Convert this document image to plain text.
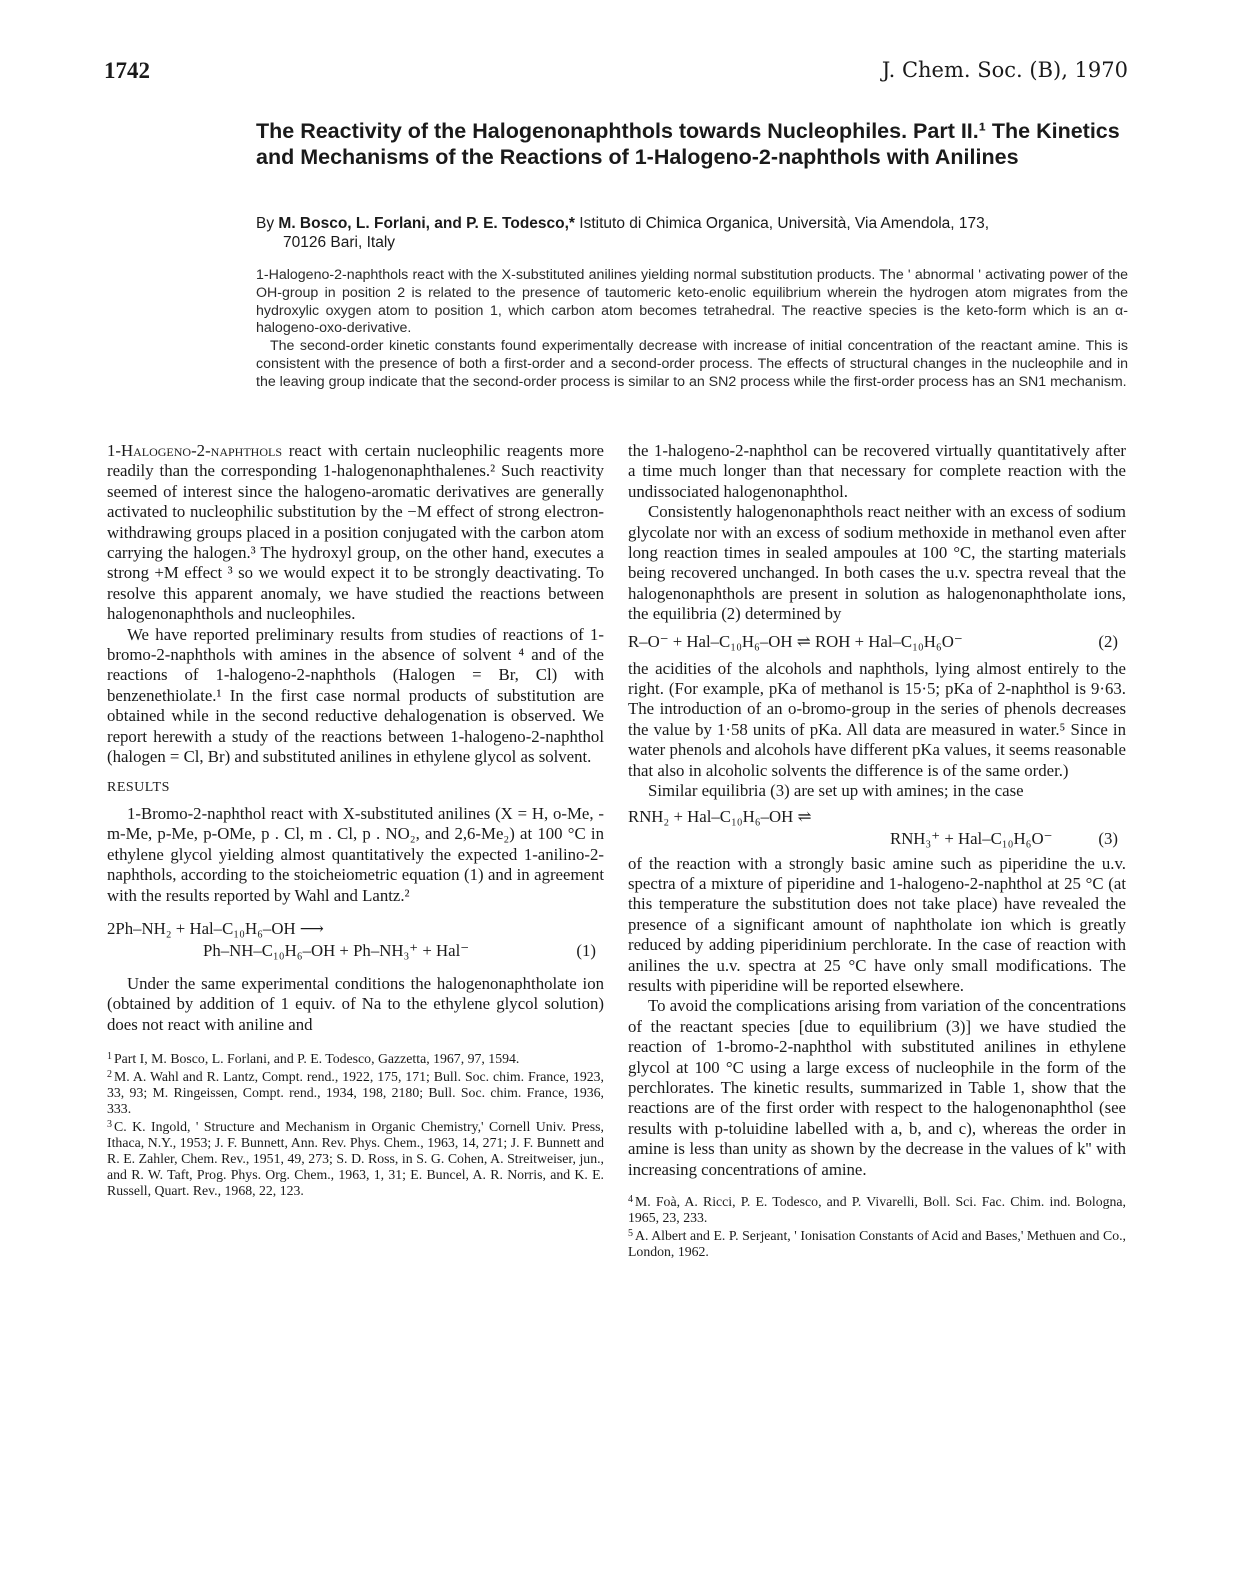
1742	J. Chem. Soc. (B), 1970
The Reactivity of the Halogenonaphthols towards Nucleophiles. Part II.¹ The Kinetics and Mechanisms of the Reactions of 1-Halogeno-2-naphthols with Anilines
By M. Bosco, L. Forlani, and P. E. Todesco,* Istituto di Chimica Organica, Università, Via Amendola, 173,
70126 Bari, Italy

1-Halogeno-2-naphthols react with the X-substituted anilines yielding normal substitution products. The ' abnormal ' activating power of the OH-group in position 2 is related to the presence of tautomeric keto-enolic equilibrium wherein the hydrogen atom migrates from the hydroxylic oxygen atom to position 1, which carbon atom becomes tetrahedral. The reactive species is the keto-form which is an α-halogeno-oxo-derivative.

The second-order kinetic constants found experimentally decrease with increase of initial concentration of the reactant amine. This is consistent with the presence of both a first-order and a second-order process. The effects of structural changes in the nucleophile and in the leaving group indicate that the second-order process is similar to an SN2 process while the first-order process has an SN1 mechanism.

1-Halogeno-2-naphthols react with certain nucleophilic reagents more readily than the corresponding 1-halogenonaphthalenes.² Such reactivity seemed of interest since the halogeno-aromatic derivatives are generally activated to nucleophilic substitution by the −M effect of strong electron-withdrawing groups placed in a position conjugated with the carbon atom carrying the halogen.³ The hydroxyl group, on the other hand, executes a strong +M effect ³ so we would expect it to be strongly deactivating. To resolve this apparent anomaly, we have studied the reactions between halogenonaphthols and nucleophiles.

We have reported preliminary results from studies of reactions of 1-bromo-2-naphthols with amines in the absence of solvent ⁴ and of the reactions of 1-halogeno-2-naphthols (Halogen = Br, Cl) with benzenethiolate.¹ In the first case normal products of substitution are obtained while in the second reductive dehalogenation is observed. We report herewith a study of the reactions between 1-halogeno-2-naphthol (halogen = Cl, Br) and substituted anilines in ethylene glycol as solvent.

RESULTS

1-Bromo-2-naphthol react with X-substituted anilines (X = H, o-Me, -m-Me, p-Me, p-OMe, p . Cl, m . Cl, p . NO₂, and 2,6-Me₂) at 100 °C in ethylene glycol yielding almost quantitatively the expected 1-anilino-2-naphthols, according to the stoicheiometric equation (1) and in agreement with the results reported by Wahl and Lantz.²

2Ph–NH₂ + Hal–C₁₀H₆–OH ⟶
Ph–NH–C₁₀H₆–OH + Ph–NH₃⁺ + Hal⁻	(1)

Under the same experimental conditions the halogenonaphtholate ion (obtained by addition of 1 equiv. of Na to the ethylene glycol solution) does not react with aniline and

$^1$ Part I, M. Bosco, L. Forlani, and P. E. Todesco, Gazzetta, 1967, 97, 1594.

$^2$ M. A. Wahl and R. Lantz, Compt. rend., 1922, 175, 171; Bull. Soc. chim. France, 1923, 33, 93; M. Ringeissen, Compt. rend., 1934, 198, 2180; Bull. Soc. chim. France, 1936, 333.

$^3$ C. K. Ingold, ' Structure and Mechanism in Organic Chemistry,' Cornell Univ. Press, Ithaca, N.Y., 1953; J. F. Bunnett, Ann. Rev. Phys. Chem., 1963, 14, 271; J. F. Bunnett and R. E. Zahler, Chem. Rev., 1951, 49, 273; S. D. Ross, in S. G. Cohen, A. Streitweiser, jun., and R. W. Taft, Prog. Phys. Org. Chem., 1963, 1, 31; E. Buncel, A. R. Norris, and K. E. Russell, Quart. Rev., 1968, 22, 123.

the 1-halogeno-2-naphthol can be recovered virtually quantitatively after a time much longer than that necessary for complete reaction with the undissociated halogenonaphthol.

Consistently halogenonaphthols react neither with an excess of sodium glycolate nor with an excess of sodium methoxide in methanol even after long reaction times in sealed ampoules at 100 °C, the starting materials being recovered unchanged. In both cases the u.v. spectra reveal that the halogenonaphthols are present in solution as halogenonaphtholate ions, the equilibria (2) determined by

R–O⁻ + Hal–C₁₀H₆–OH ⇌ ROH + Hal–C₁₀H₆O⁻	(2)

the acidities of the alcohols and naphthols, lying almost entirely to the right. (For example, pKa of methanol is 15·5; pKa of 2-naphthol is 9·63. The introduction of an o-bromo-group in the series of phenols decreases the value by 1·58 units of pKa. All data are measured in water.⁵ Since in water phenols and alcohols have different pKa values, it seems reasonable that also in alcoholic solvents the difference is of the same order.)

Similar equilibria (3) are set up with amines; in the case

RNH₂ + Hal–C₁₀H₆–OH ⇌
RNH₃⁺ + Hal–C₁₀H₆O⁻	(3)

of the reaction with a strongly basic amine such as piperidine the u.v. spectra of a mixture of piperidine and 1-halogeno-2-naphthol at 25 °C (at this temperature the substitution does not take place) have revealed the presence of a significant amount of naphtholate ion which is greatly reduced by adding piperidinium perchlorate. In the case of reaction with anilines the u.v. spectra at 25 °C have only small modifications. The results with piperidine will be reported elsewhere.

To avoid the complications arising from variation of the concentrations of the reactant species [due to equilibrium (3)] we have studied the reaction of 1-bromo-2-naphthol with substituted anilines in ethylene glycol at 100 °C using a large excess of nucleophile in the form of the perchlorates. The kinetic results, summarized in Table 1, show that the reactions are of the first order with respect to the halogenonaphthol (see results with p-toluidine labelled with a, b, and c), whereas the order in amine is less than unity as shown by the decrease in the values of k'' with increasing concentrations of amine.

$^4$ M. Foà, A. Ricci, P. E. Todesco, and P. Vivarelli, Boll. Sci. Fac. Chim. ind. Bologna, 1965, 23, 233.

$^5$ A. Albert and E. P. Serjeant, ' Ionisation Constants of Acid and Bases,' Methuen and Co., London, 1962.
